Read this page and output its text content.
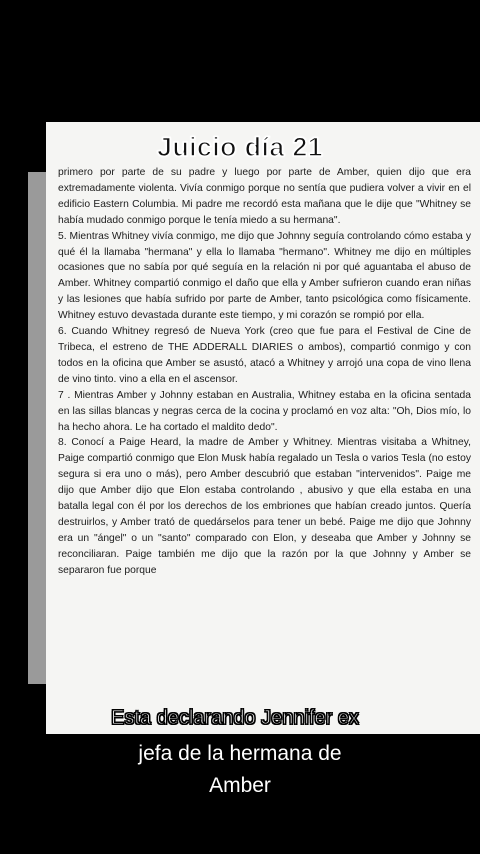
Juicio día 21

primero por parte de su padre y luego por parte de Amber, quien dijo que era extremadamente violenta. Vivía conmigo porque no sentía que pudiera volver a vivir en el edificio Eastern Columbia. Mi padre me recordó esta mañana que le dije que "Whitney se había mudado conmigo porque le tenía miedo a su hermana".

5. Mientras Whitney vivía conmigo, me dijo que Johnny seguía controlando cómo estaba y qué él la llamaba "hermana" y ella lo llamaba "hermano". Whitney me dijo en múltiples ocasiones que no sabía por qué seguía en la relación ni por qué aguantaba el abuso de Amber. Whitney compartió conmigo el daño que ella y Amber sufrieron cuando eran niñas y las lesiones que había sufrido por parte de Amber, tanto psicológica como físicamente. Whitney estuvo devastada durante este tiempo, y mi corazón se rompió por ella.

6. Cuando Whitney regresó de Nueva York (creo que fue para el Festival de Cine de Tribeca, el estreno de THE ADDERALL DIARIES o ambos), compartió conmigo y con todos en la oficina que Amber se asustó, atacó a Whitney y arrojó una copa de vino llena de vino tinto. vino a ella en el ascensor.

7 . Mientras Amber y Johnny estaban en Australia, Whitney estaba en la oficina sentada en las sillas blancas y negras cerca de la cocina y proclamó en voz alta: "Oh, Dios mío, lo ha hecho ahora. Le ha cortado el maldito dedo".

8. Conocí a Paige Heard, la madre de Amber y Whitney. Mientras visitaba a Whitney, Paige compartió conmigo que Elon Musk había regalado un Tesla o varios Tesla (no estoy segura si era uno o más), pero Amber descubrió que estaban "intervenidos". Paige me dijo que Amber dijo que Elon estaba controlando , abusivo y que ella estaba en una batalla legal con él por los derechos de los embriones que habían creado juntos. Quería destruirlos, y Amber trató de quedárselos para tener un bebé. Paige me dijo que Johnny era un "ángel" o un "santo" comparado con Elon, y deseaba que Amber y Johnny se reconciliaran. Paige también me dijo que la razón por la que Johnny y Amber se separaron fue porque

Esta declarando Jennifer ex
jefa de la hermana de
Amber
